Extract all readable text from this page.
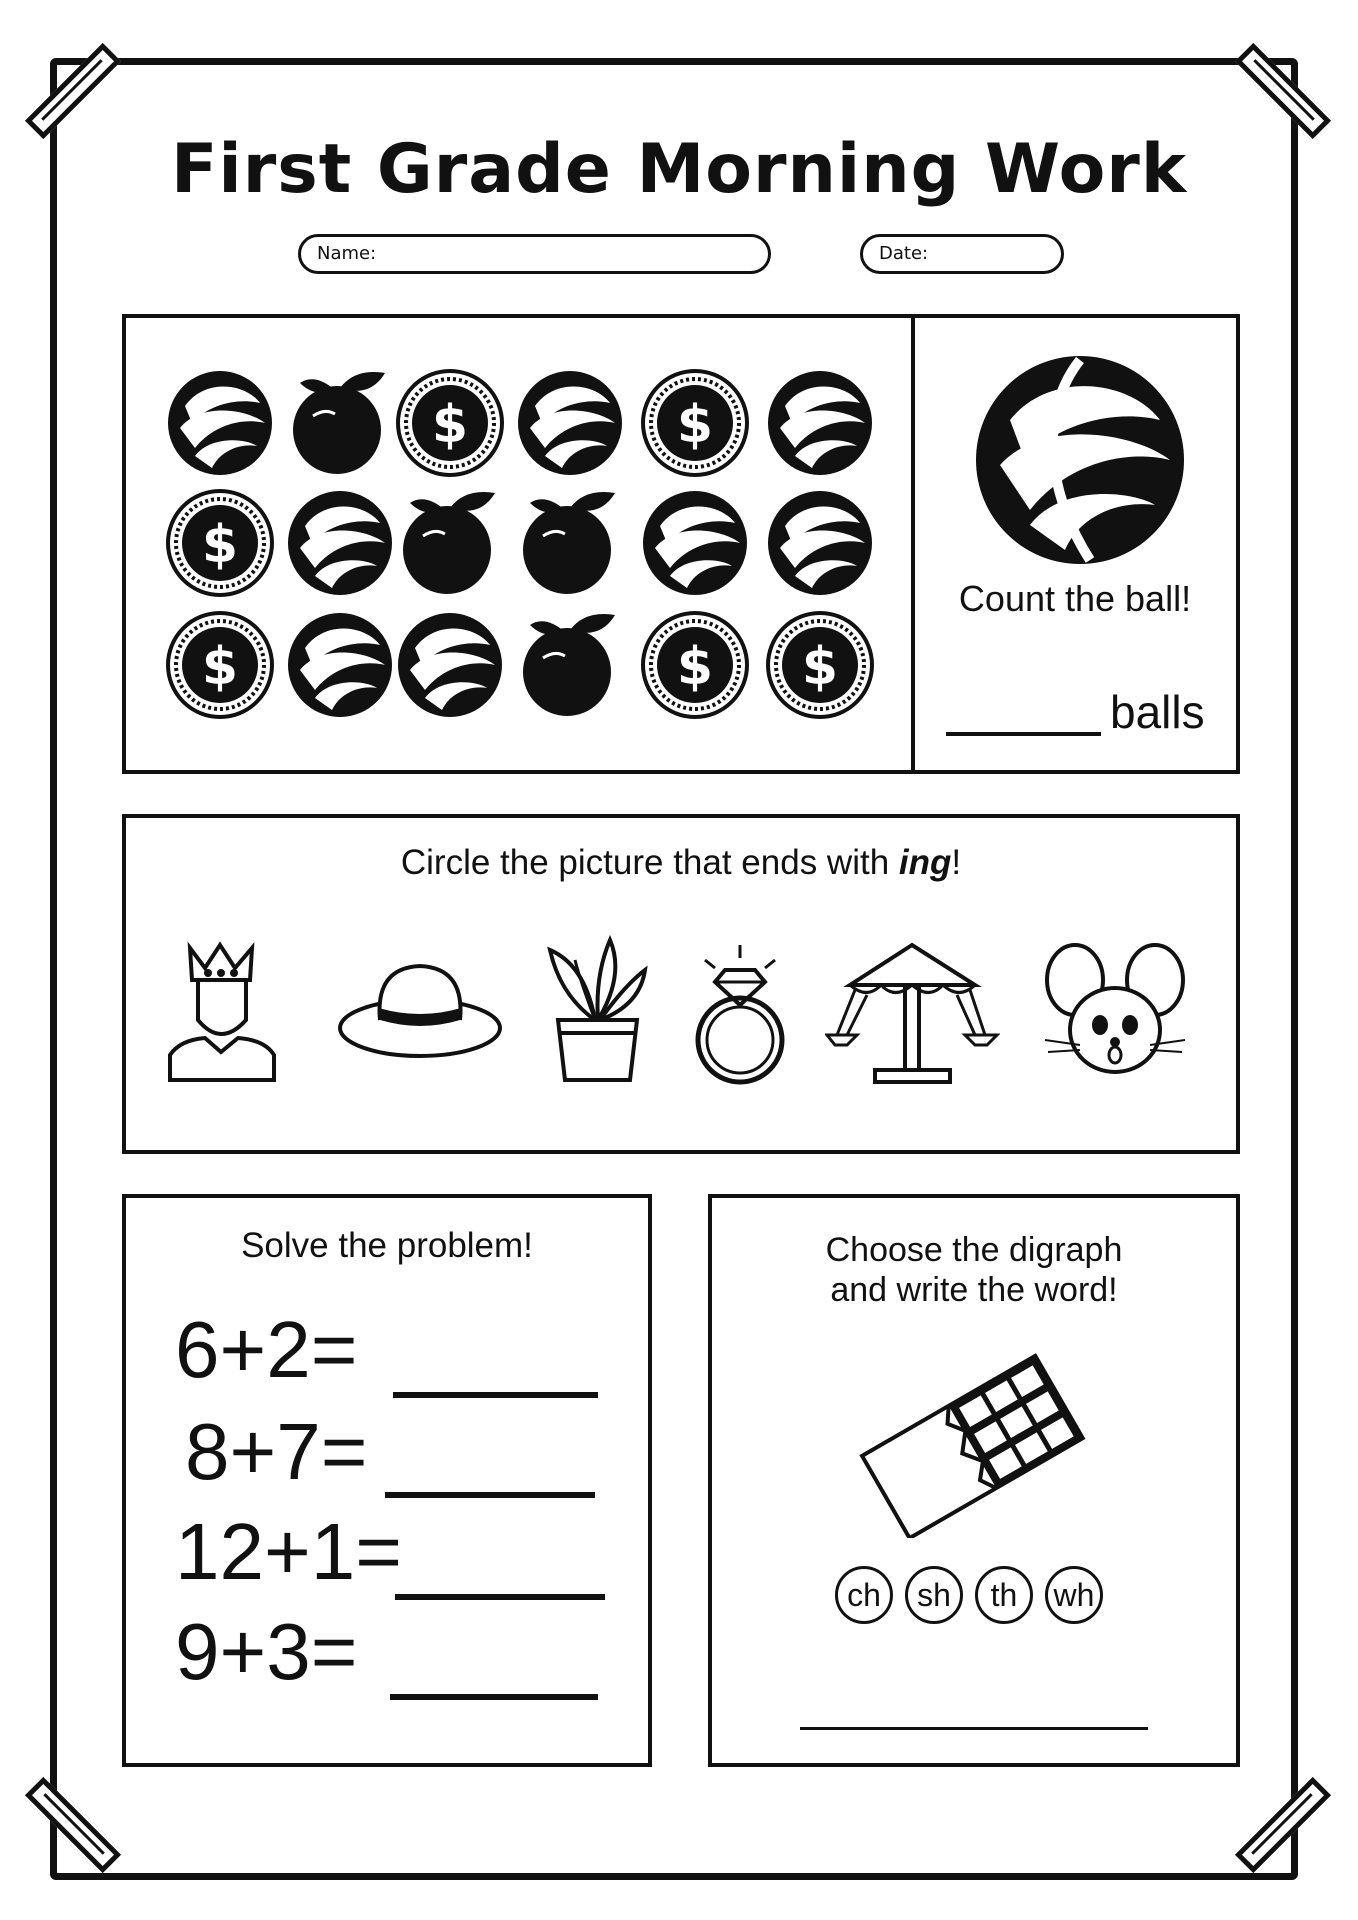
First Grade Morning Work
Name:	Date:
Count the ball!
balls
Circle the picture that ends with ing!
Solve the problem!
6+2=
8+7=
12+1=
9+3=
Choose the digraph
and write the word!
ch	sh	th	wh
